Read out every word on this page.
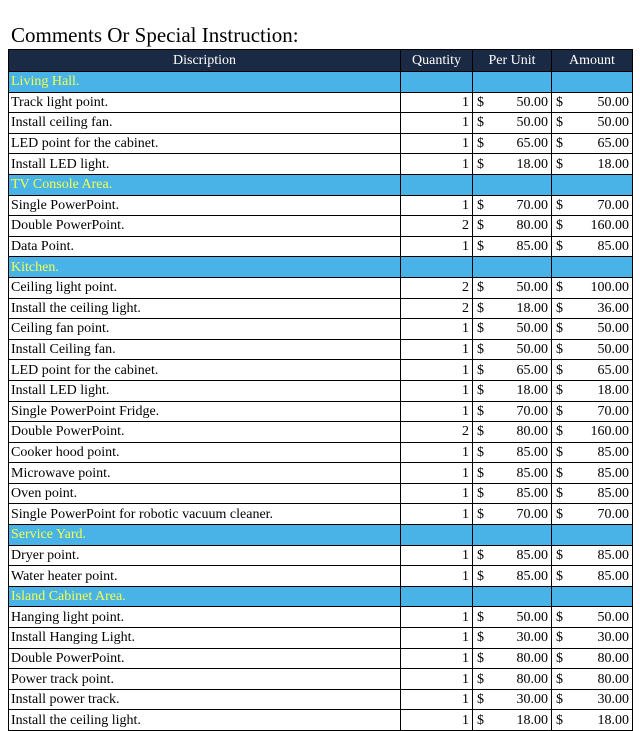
Comments Or Special Instruction:
Discription	Quantity	Per Unit	Amount
Living Hall.			
Track light point.	1	$ 50.00	$ 50.00

Install ceiling fan.	1	$ 50.00	$ 50.00

LED point for the cabinet.	1	$ 65.00	$ 65.00

Install LED light.	1	$ 18.00	$ 18.00

TV Console Area.			
Single PowerPoint.	1	$ 70.00	$ 70.00

Double PowerPoint.	2	$ 80.00	$ 160.00

Data Point.	1	$ 85.00	$ 85.00

Kitchen.			
Ceiling light point.	2	$ 50.00	$ 100.00

Install the ceiling light.	2	$ 18.00	$ 36.00

Ceiling fan point.	1	$ 50.00	$ 50.00

Install Ceiling fan.	1	$ 50.00	$ 50.00

LED point for the cabinet.	1	$ 65.00	$ 65.00

Install LED light.	1	$ 18.00	$ 18.00

Single PowerPoint Fridge.	1	$ 70.00	$ 70.00

Double PowerPoint.	2	$ 80.00	$ 160.00

Cooker hood point.	1	$ 85.00	$ 85.00

Microwave point.	1	$ 85.00	$ 85.00

Oven point.	1	$ 85.00	$ 85.00

Single PowerPoint for robotic vacuum cleaner.	1	$ 70.00	$ 70.00

Service Yard.			
Dryer point.	1	$ 85.00	$ 85.00

Water heater point.	1	$ 85.00	$ 85.00

Island Cabinet Area.			
Hanging light point.	1	$ 50.00	$ 50.00

Install Hanging Light.	1	$ 30.00	$ 30.00

Double PowerPoint.	1	$ 80.00	$ 80.00

Power track point.	1	$ 80.00	$ 80.00

Install power track.	1	$ 30.00	$ 30.00

Install the ceiling light.	1	$ 18.00	$ 18.00
